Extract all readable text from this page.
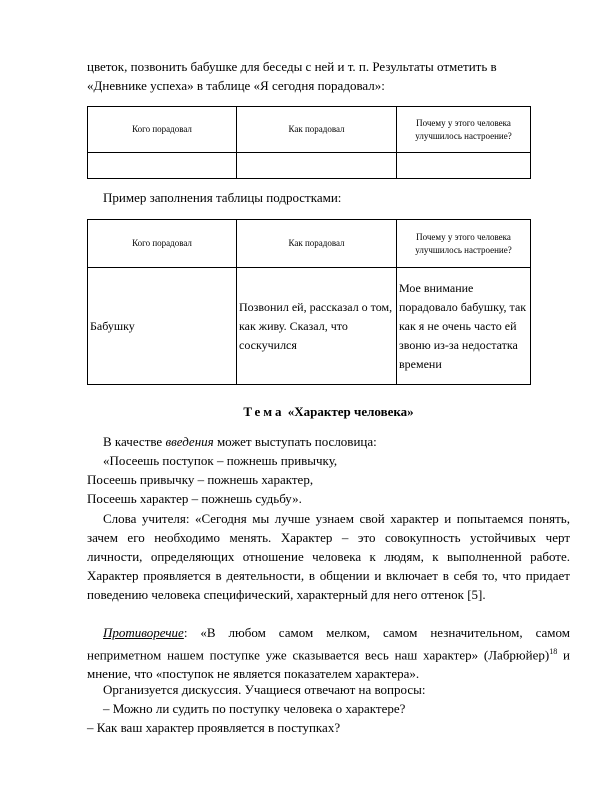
цветок, позвонить бабушке для беседы с ней и т. п. Результаты отметить в
«Дневнике успеха» в таблице «Я сегодня порадовал»:

Кого порадовал	Как порадовал	Почему у этого человека улучшилось настроение?

Пример заполнения таблицы подростками:

Кого порадовал	Как порадовал	Почему у этого человека улучшилось настроение?
Бабушку	Позвонил ей, рассказал о том, как живу. Сказал, что соскучился	Мое внимание порадовало бабушку, так как я не очень часто ей звоню из-за недостатка времени

Тема «Характер человека»

В качестве введения может выступать пословица:

«Посеешь поступок – пожнешь привычку,
Посеешь привычку – пожнешь характер,
Посеешь характер – пожнешь судьбу».

Слова учителя: «Сегодня мы лучше узнаем свой характер и попытаемся понять, зачем его необходимо менять. Характер – это совокупность устойчивых черт личности, определяющих отношение человека к людям, к выполненной работе. Характер проявляется в деятельности, в общении и включает в себя то, что придает поведению человека специфический, характерный для него оттенок [5].

Противоречие: «В любом самом мелком, самом незначительном, самом неприметном нашем поступке уже сказывается весь наш характер» (Лабрюйер)$^{18}$ и мнение, что «поступок не является показателем характера».

Организуется дискуссия. Учащиеся отвечают на вопросы:

– Можно ли судить по поступку человека о характере?
– Как ваш характер проявляется в поступках?
